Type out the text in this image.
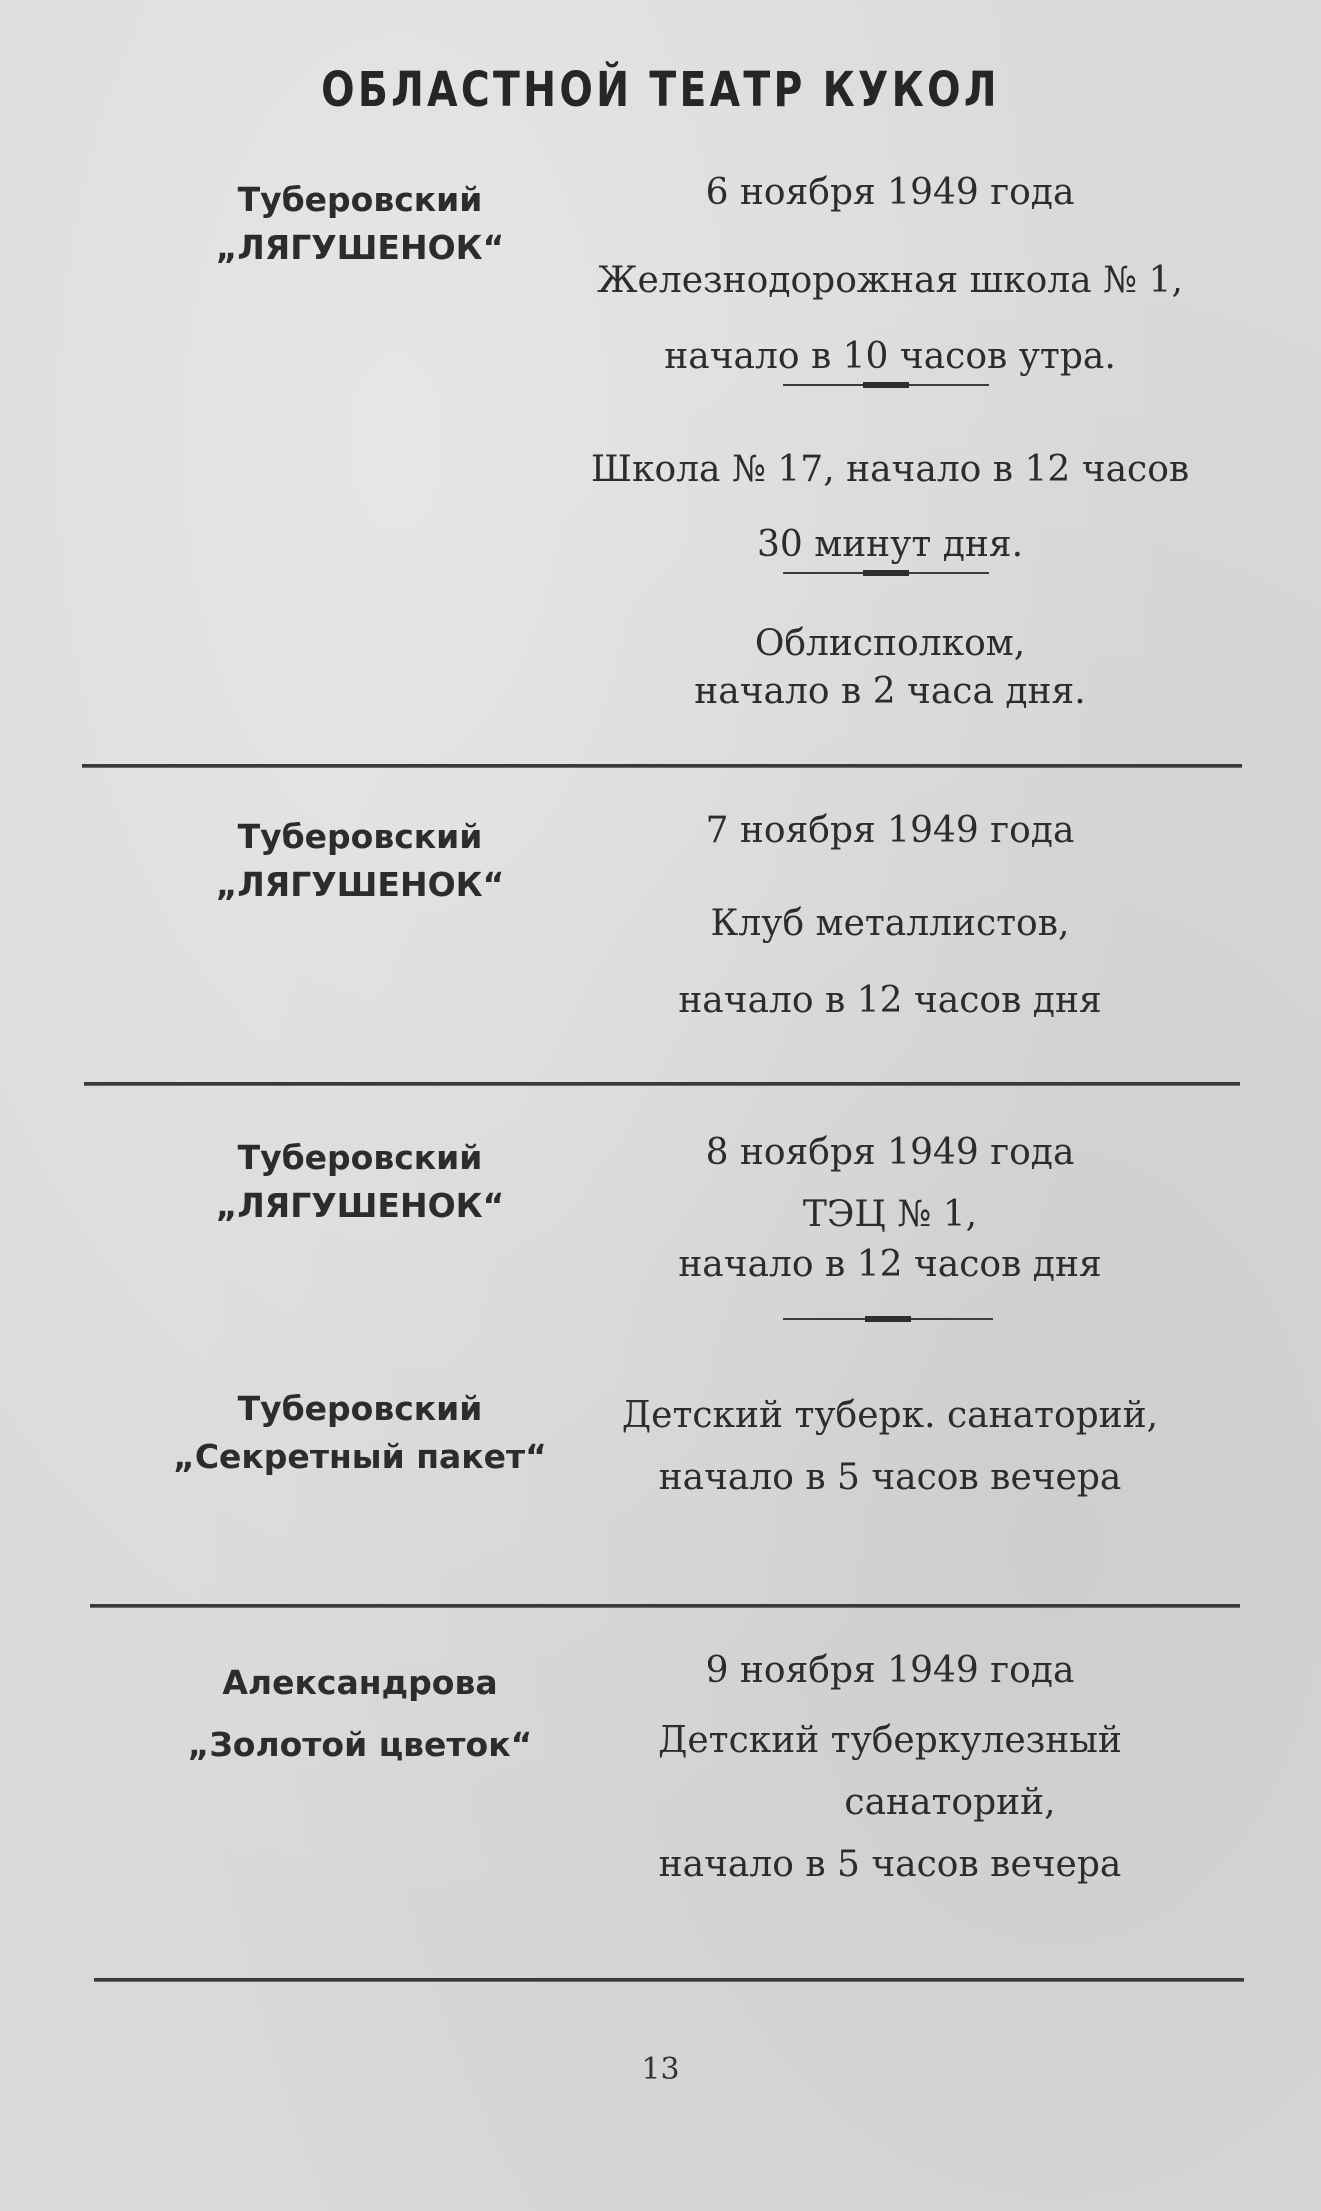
ОБЛАСТНОЙ ТЕАТР КУКОЛ
Туберовский
„ЛЯГУШЕНОК“
6 ноября 1949 года
Железнодорожная школа № 1,
начало в 10 часов утра.
Школа № 17, начало в 12 часов
30 минут дня.
Облисполком,
начало в 2 часа дня.
Туберовский
„ЛЯГУШЕНОК“
7 ноября 1949 года
Клуб металлистов,
начало в 12 часов дня
Туберовский
„ЛЯГУШЕНОК“
8 ноября 1949 года
ТЭЦ № 1,
начало в 12 часов дня
Туберовский
„Секретный пакет“
Детский туберк. санаторий,
начало в 5 часов вечера
Александрова
„Золотой цветок“
9 ноября 1949 года
Детский туберкулезный
санаторий,
начало в 5 часов вечера
13
